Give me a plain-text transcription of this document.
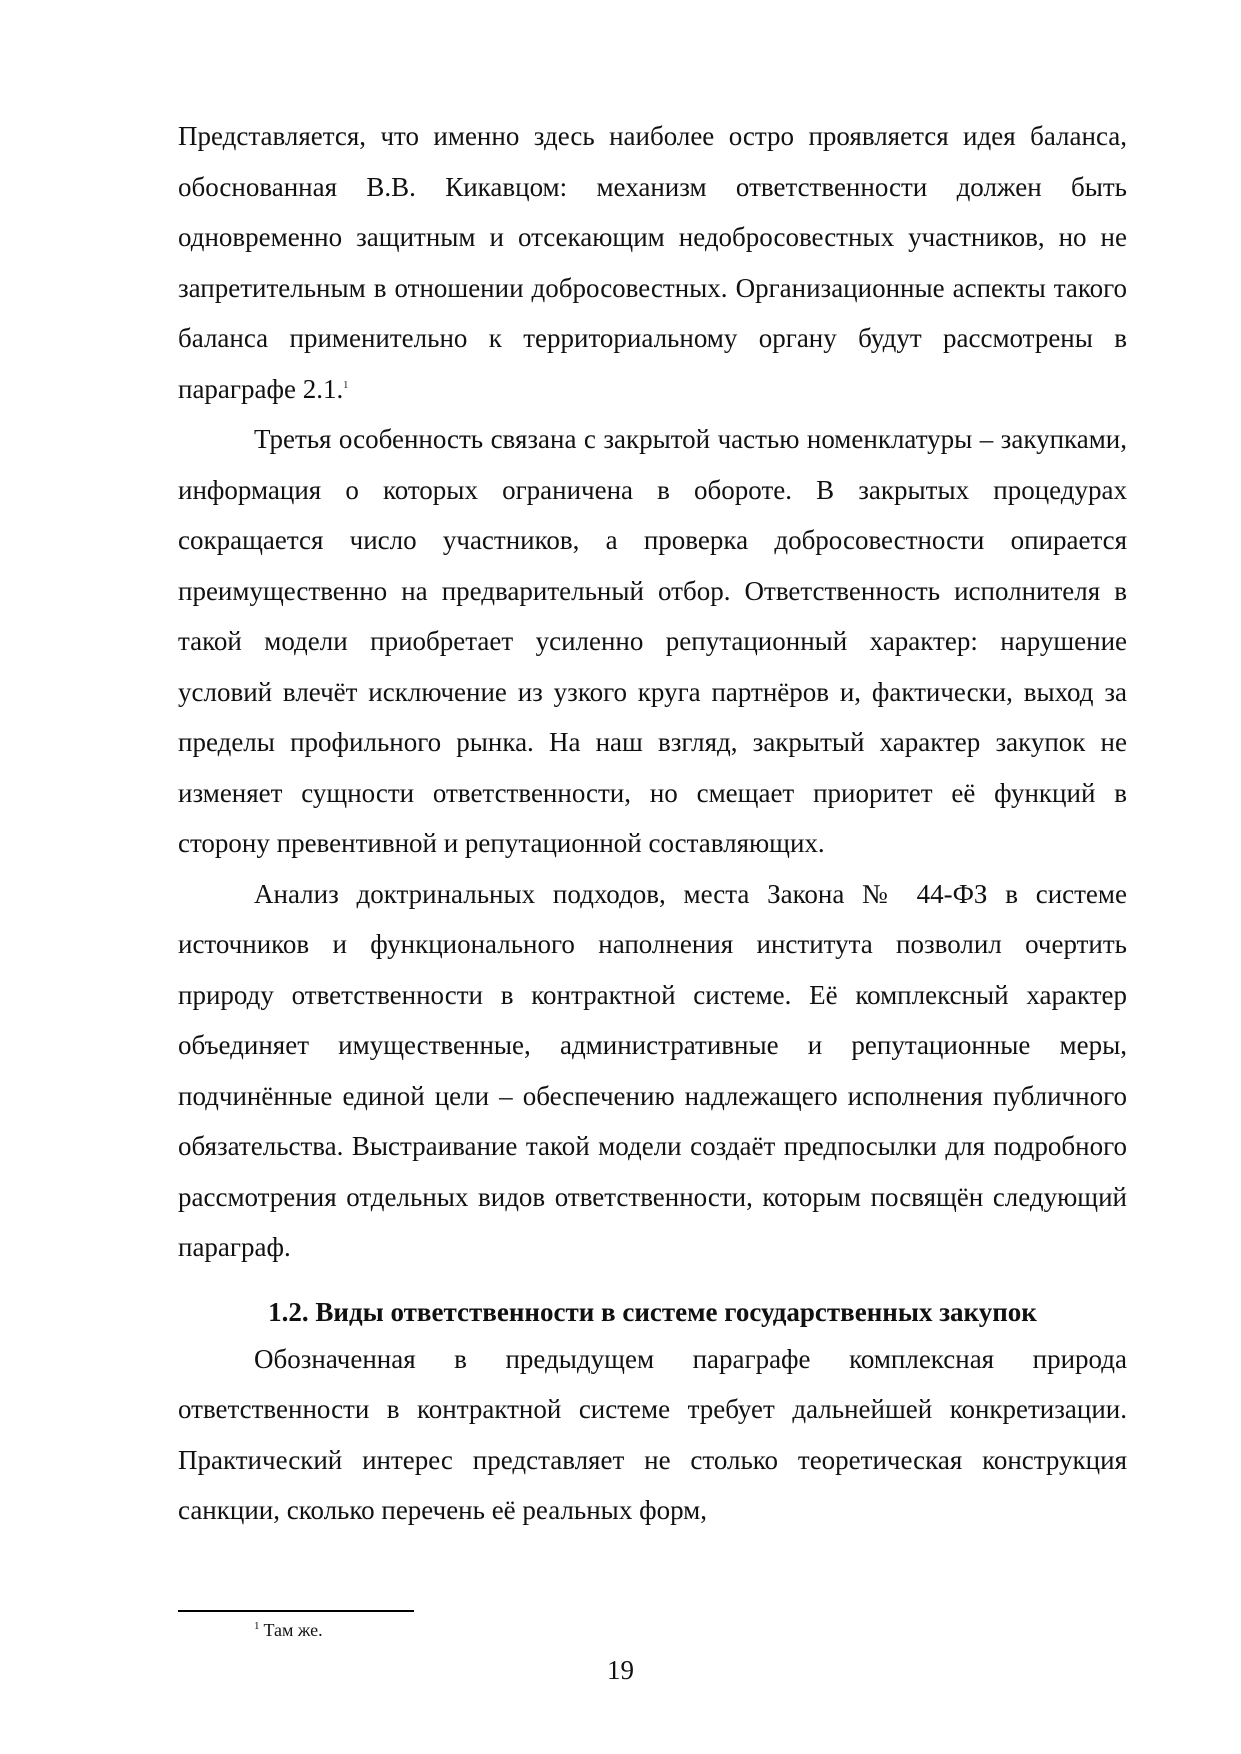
Представляется, что именно здесь наиболее остро проявляется идея баланса, обоснованная В.В. Кикавцом: механизм ответственности должен быть одновременно защитным и отсекающим недобросовестных участников, но не запретительным в отношении добросовестных. Организационные аспекты такого баланса применительно к территориальному органу будут рассмотрены в параграфе 2.1.$^1$

Третья особенность связана с закрытой частью номенклатуры – закупками, информация о которых ограничена в обороте. В закрытых процедурах сокращается число участников, а проверка добросовестности опирается преимущественно на предварительный отбор. Ответственность исполнителя в такой модели приобретает усиленно репутационный характер: нарушение условий влечёт исключение из узкого круга партнёров и, фактически, выход за пределы профильного рынка. На наш взгляд, закрытый характер закупок не изменяет сущности ответственности, но смещает приоритет её функций в сторону превентивной и репутационной составляющих.

Анализ доктринальных подходов, места Закона № 44-ФЗ в системе источников и функционального наполнения института позволил очертить природу ответственности в контрактной системе. Её комплексный характер объединяет имущественные, административные и репутационные меры, подчинённые единой цели – обеспечению надлежащего исполнения публичного обязательства. Выстраивание такой модели создаёт предпосылки для подробного рассмотрения отдельных видов ответственности, которым посвящён следующий параграф.

1.2. Виды ответственности в системе государственных закупок

Обозначенная в предыдущем параграфе комплексная природа ответственности в контрактной системе требует дальнейшей конкретизации. Практический интерес представляет не столько теоретическая конструкция санкции, сколько перечень её реальных форм,

$^1$ Там же.
19
